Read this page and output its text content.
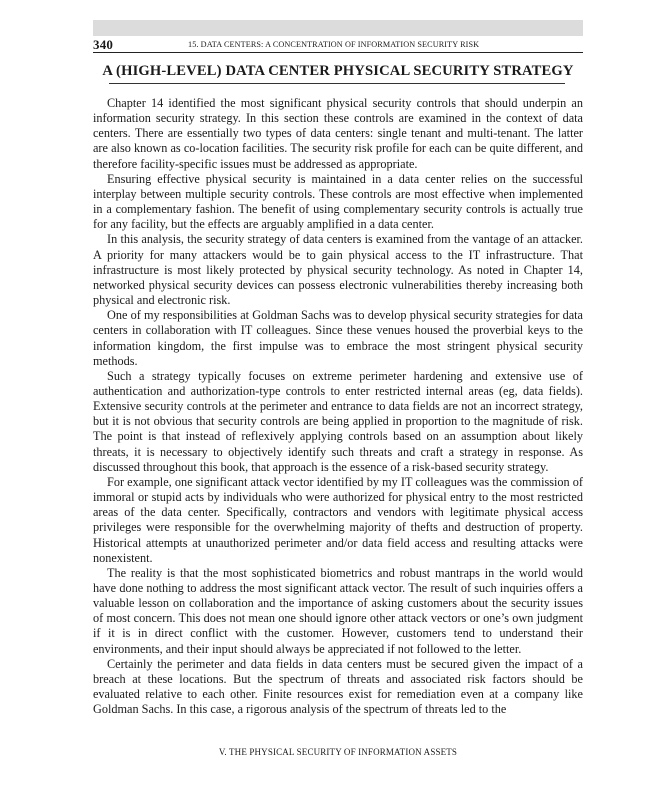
340	15. DATA CENTERS: A CONCENTRATION OF INFORMATION SECURITY RISK
A (HIGH-LEVEL) DATA CENTER PHYSICAL SECURITY STRATEGY

Chapter 14 identified the most significant physical security controls that should underpin an information security strategy. In this section these controls are examined in the context of data centers. There are essentially two types of data centers: single tenant and multi-tenant. The latter are also known as co-location facilities. The security risk profile for each can be quite different, and therefore facility-specific issues must be addressed as appropriate.

Ensuring effective physical security is maintained in a data center relies on the successful interplay between multiple security controls. These controls are most effective when implemented in a complementary fashion. The benefit of using complementary security controls is actually true for any facility, but the effects are arguably amplified in a data center.

In this analysis, the security strategy of data centers is examined from the vantage of an attacker. A priority for many attackers would be to gain physical access to the IT infrastructure. That infrastructure is most likely protected by physical security technology. As noted in Chapter 14, networked physical security devices can possess electronic vulnerabilities thereby increasing both physical and electronic risk.

One of my responsibilities at Goldman Sachs was to develop physical security strategies for data centers in collaboration with IT colleagues. Since these venues housed the proverbial keys to the information kingdom, the first impulse was to embrace the most stringent physical security methods.

Such a strategy typically focuses on extreme perimeter hardening and extensive use of authentication and authorization-type controls to enter restricted internal areas (eg, data fields). Extensive security controls at the perimeter and entrance to data fields are not an incorrect strategy, but it is not obvious that security controls are being applied in proportion to the magnitude of risk. The point is that instead of reflexively applying controls based on an assumption about likely threats, it is necessary to objectively identify such threats and craft a strategy in response. As discussed throughout this book, that approach is the essence of a risk-based security strategy.

For example, one significant attack vector identified by my IT colleagues was the commission of immoral or stupid acts by individuals who were authorized for physical entry to the most restricted areas of the data center. Specifically, contractors and vendors with legitimate physical access privileges were responsible for the overwhelming majority of thefts and destruction of property. Historical attempts at unauthorized perimeter and/or data field access and resulting attacks were nonexistent.

The reality is that the most sophisticated biometrics and robust mantraps in the world would have done nothing to address the most significant attack vector. The result of such inquiries offers a valuable lesson on collaboration and the importance of asking customers about the security issues of most concern. This does not mean one should ignore other attack vectors or one’s own judgment if it is in direct conflict with the customer. However, customers tend to understand their environments, and their input should always be appreciated if not followed to the letter.

Certainly the perimeter and data fields in data centers must be secured given the impact of a breach at these locations. But the spectrum of threats and associated risk factors should be evaluated relative to each other. Finite resources exist for remediation even at a company like Goldman Sachs. In this case, a rigorous analysis of the spectrum of threats led to the

V. THE PHYSICAL SECURITY OF INFORMATION ASSETS
